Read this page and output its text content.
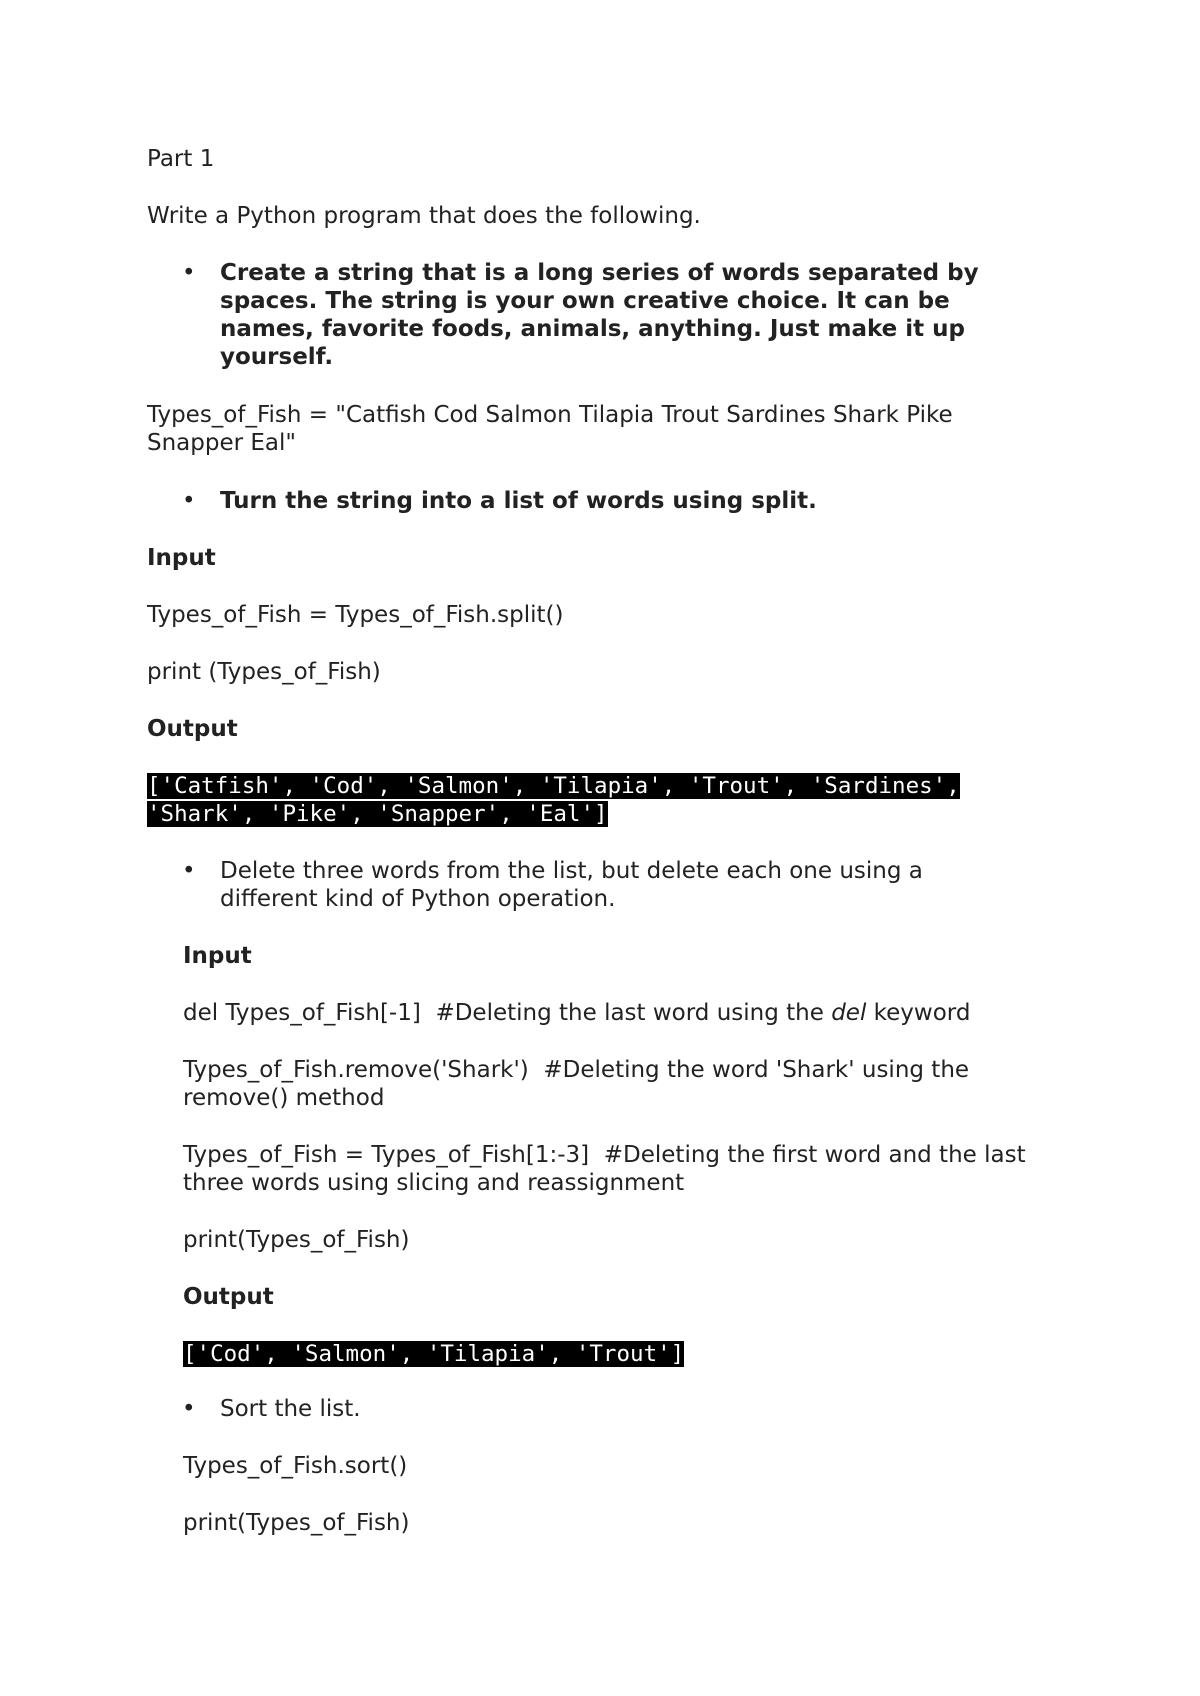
Part 1

Write a Python program that does the following.

• Create a string that is a long series of words separated by spaces. The string is your own creative choice. It can be names, favorite foods, animals, anything. Just make it up yourself.

Types_of_Fish = "Catfish Cod Salmon Tilapia Trout Sardines Shark Pike Snapper Eal"

• Turn the string into a list of words using split.

Input

Types_of_Fish = Types_of_Fish.split()

print (Types_of_Fish)

Output

['Catfish', 'Cod', 'Salmon', 'Tilapia', 'Trout', 'Sardines',
'Shark', 'Pike', 'Snapper', 'Eal']

• Delete three words from the list, but delete each one using a different kind of Python operation.

Input

del Types_of_Fish[-1]  #Deleting the last word using the del keyword

Types_of_Fish.remove('Shark')  #Deleting the word 'Shark' using the remove() method

Types_of_Fish = Types_of_Fish[1:-3]  #Deleting the first word and the last three words using slicing and reassignment

print(Types_of_Fish)

Output

['Cod', 'Salmon', 'Tilapia', 'Trout']

• Sort the list.

Types_of_Fish.sort()

print(Types_of_Fish)
